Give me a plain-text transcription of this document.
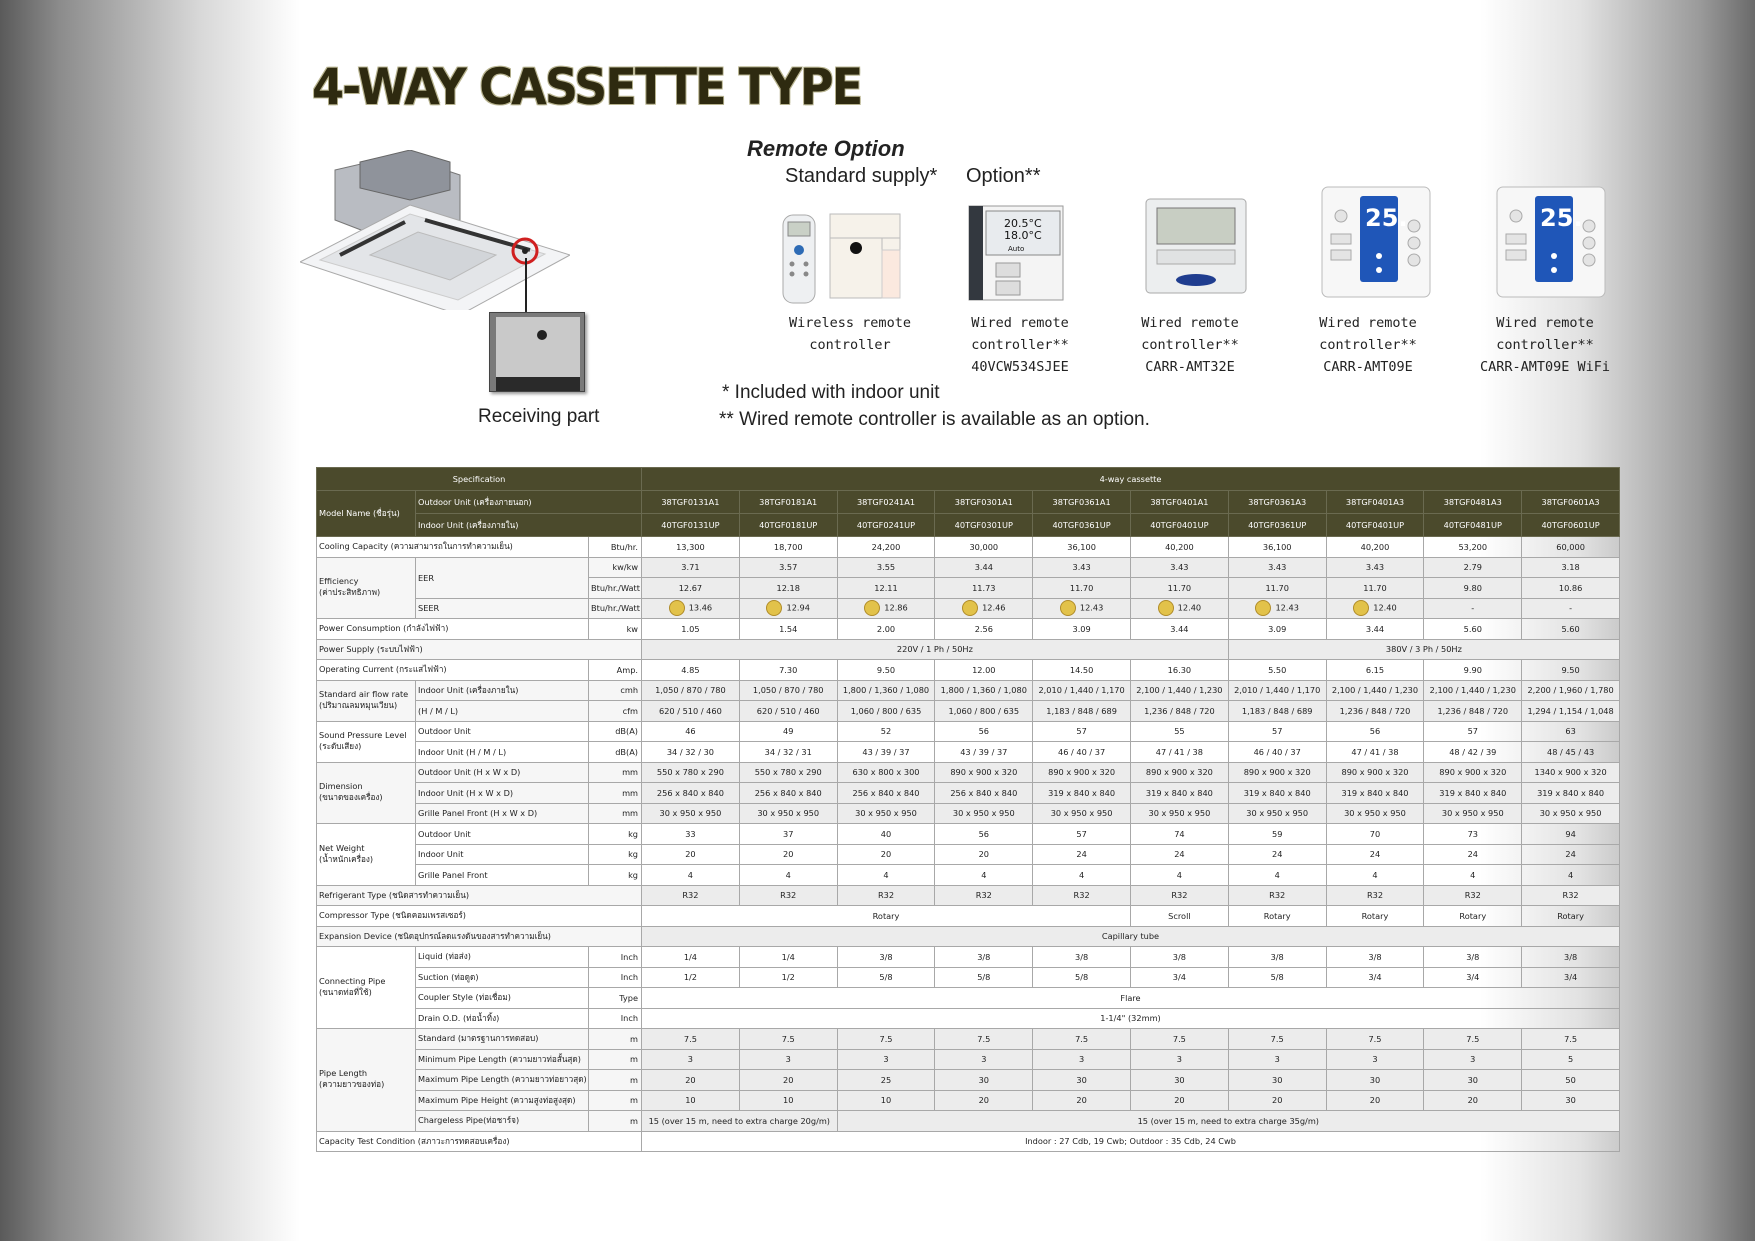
4-WAY CASSETTE TYPE
Receiving part
Remote Option
Standard supply* Option**
20.5°C
18.0°C
Auto
25.	25.
Wireless remote controller
Wired remote controller**
40VCW534SJEE
Wired remote controller**
CARR-AMT32E
Wired remote controller**
CARR-AMT09E
Wired remote controller**
CARR-AMT09E WiFi
* Included with indoor unit
** Wired remote controller is available as an option.
Specification			4-way cassette									
Model Name (ชื่อรุ่น)	Outdoor Unit (เครื่องภายนอก)		38TGF0131A1	38TGF0181A1	38TGF0241A1	38TGF0301A1	38TGF0361A1	38TGF0401A1	38TGF0361A3	38TGF0401A3	38TGF0481A3	38TGF0601A3
	Indoor Unit (เครื่องภายใน)		40TGF0131UP	40TGF0181UP	40TGF0241UP	40TGF0301UP	40TGF0361UP	40TGF0401UP	40TGF0361UP	40TGF0401UP	40TGF0481UP	40TGF0601UP
Cooling Capacity (ความสามารถในการทำความเย็น)		Btu/hr.	13,300	18,700	24,200	30,000	36,100	40,200	36,100	40,200	53,200	60,000

Efficiency
(ค่าประสิทธิภาพ)	EER	kw/kw	3.71	3.57	3.55	3.44	3.43	3.43	3.43	3.43	2.79	3.18
		Btu/hr./Watt	12.67	12.18	12.11	11.73	11.70	11.70	11.70	11.70	9.80	10.86
	SEER	Btu/hr./Watt	13.46	12.94	12.86	12.46	12.43	12.40	12.43	12.40	-	-
Power Consumption (กำลังไฟฟ้า)		kw	1.05	1.54	2.00	2.56	3.09	3.44	3.09	3.44	5.60	5.60
Power Supply (ระบบไฟฟ้า)			220V / 1 Ph / 50Hz						380V / 3 Ph / 50Hz			
Operating Current (กระแสไฟฟ้า)		Amp.	4.85	7.30	9.50	12.00	14.50	16.30	5.50	6.15	9.90	9.50

Standard air flow rate
(ปริมาณลมหมุนเวียน)	Indoor Unit (เครื่องภายใน)	cmh	1,050 / 870 / 780	1,050 / 870 / 780	1,800 / 1,360 / 1,080	1,800 / 1,360 / 1,080	2,010 / 1,440 / 1,170	2,100 / 1,440 / 1,230	2,010 / 1,440 / 1,170	2,100 / 1,440 / 1,230	2,100 / 1,440 / 1,230	2,200 / 1,960 / 1,780
	(H / M / L)	cfm	620 / 510 / 460	620 / 510 / 460	1,060 / 800 / 635	1,060 / 800 / 635	1,183 / 848 / 689	1,236 / 848 / 720	1,183 / 848 / 689	1,236 / 848 / 720	1,236 / 848 / 720	1,294 / 1,154 / 1,048

Sound Pressure Level
(ระดับเสียง)	Outdoor Unit	dB(A)	46	49	52	56	57	55	57	56	57	63
	Indoor Unit (H / M / L)	dB(A)	34 / 32 / 30	34 / 32 / 31	43 / 39 / 37	43 / 39 / 37	46 / 40 / 37	47 / 41 / 38	46 / 40 / 37	47 / 41 / 38	48 / 42 / 39	48 / 45 / 43

Dimension
(ขนาดของเครื่อง)	Outdoor Unit (H x W x D)	mm	550 x 780 x 290	550 x 780 x 290	630 x 800 x 300	890 x 900 x 320	890 x 900 x 320	890 x 900 x 320	890 x 900 x 320	890 x 900 x 320	890 x 900 x 320	1340 x 900 x 320
	Indoor Unit (H x W x D)	mm	256 x 840 x 840	256 x 840 x 840	256 x 840 x 840	256 x 840 x 840	319 x 840 x 840	319 x 840 x 840	319 x 840 x 840	319 x 840 x 840	319 x 840 x 840	319 x 840 x 840
	Grille Panel Front (H x W x D)	mm	30 x 950 x 950	30 x 950 x 950	30 x 950 x 950	30 x 950 x 950	30 x 950 x 950	30 x 950 x 950	30 x 950 x 950	30 x 950 x 950	30 x 950 x 950	30 x 950 x 950

Net Weight
(น้ำหนักเครื่อง)	Outdoor Unit	kg	33	37	40	56	57	74	59	70	73	94
	Indoor Unit	kg	20	20	20	20	24	24	24	24	24	24
	Grille Panel Front	kg	4	4	4	4	4	4	4	4	4	4
Refrigerant Type (ชนิดสารทำความเย็น)			R32	R32	R32	R32	R32	R32	R32	R32	R32	R32
Compressor Type (ชนิดคอมเพรสเซอร์)			Rotary					Scroll	Rotary	Rotary	Rotary	Rotary
Expansion Device (ชนิดอุปกรณ์ลดแรงดันของสารทำความเย็น)			Capillary tube									

Connecting Pipe
(ขนาดท่อที่ใช้)	Liquid (ท่อส่ง)	Inch	1/4	1/4	3/8	3/8	3/8	3/8	3/8	3/8	3/8	3/8
	Suction (ท่อดูด)	Inch	1/2	1/2	5/8	5/8	5/8	3/4	5/8	3/4	3/4	3/4
	Coupler Style (ท่อเชื่อม)	Type	Flare									
	Drain O.D. (ท่อน้ำทิ้ง)	Inch	1-1/4" (32mm)									

Pipe Length
(ความยาวของท่อ)	Standard (มาตรฐานการทดสอบ)	m	7.5	7.5	7.5	7.5	7.5	7.5	7.5	7.5	7.5	7.5
	Minimum Pipe Length (ความยาวท่อสั้นสุด)	m	3	3	3	3	3	3	3	3	3	5
	Maximum Pipe Length (ความยาวท่อยาวสุด)	m	20	20	25	30	30	30	30	30	30	50
	Maximum Pipe Height (ความสูงท่อสูงสุด)	m	10	10	10	20	20	20	20	20	20	30
	Chargeless Pipe(ท่อชาร์จ)	m	15 (over 15 m, need to extra charge 20g/m)		15 (over 15 m, need to extra charge 35g/m)							
Capacity Test Condition (สภาวะการทดสอบเครื่อง)			Indoor : 27 Cdb, 19 Cwb; Outdoor : 35 Cdb, 24 Cwb									
